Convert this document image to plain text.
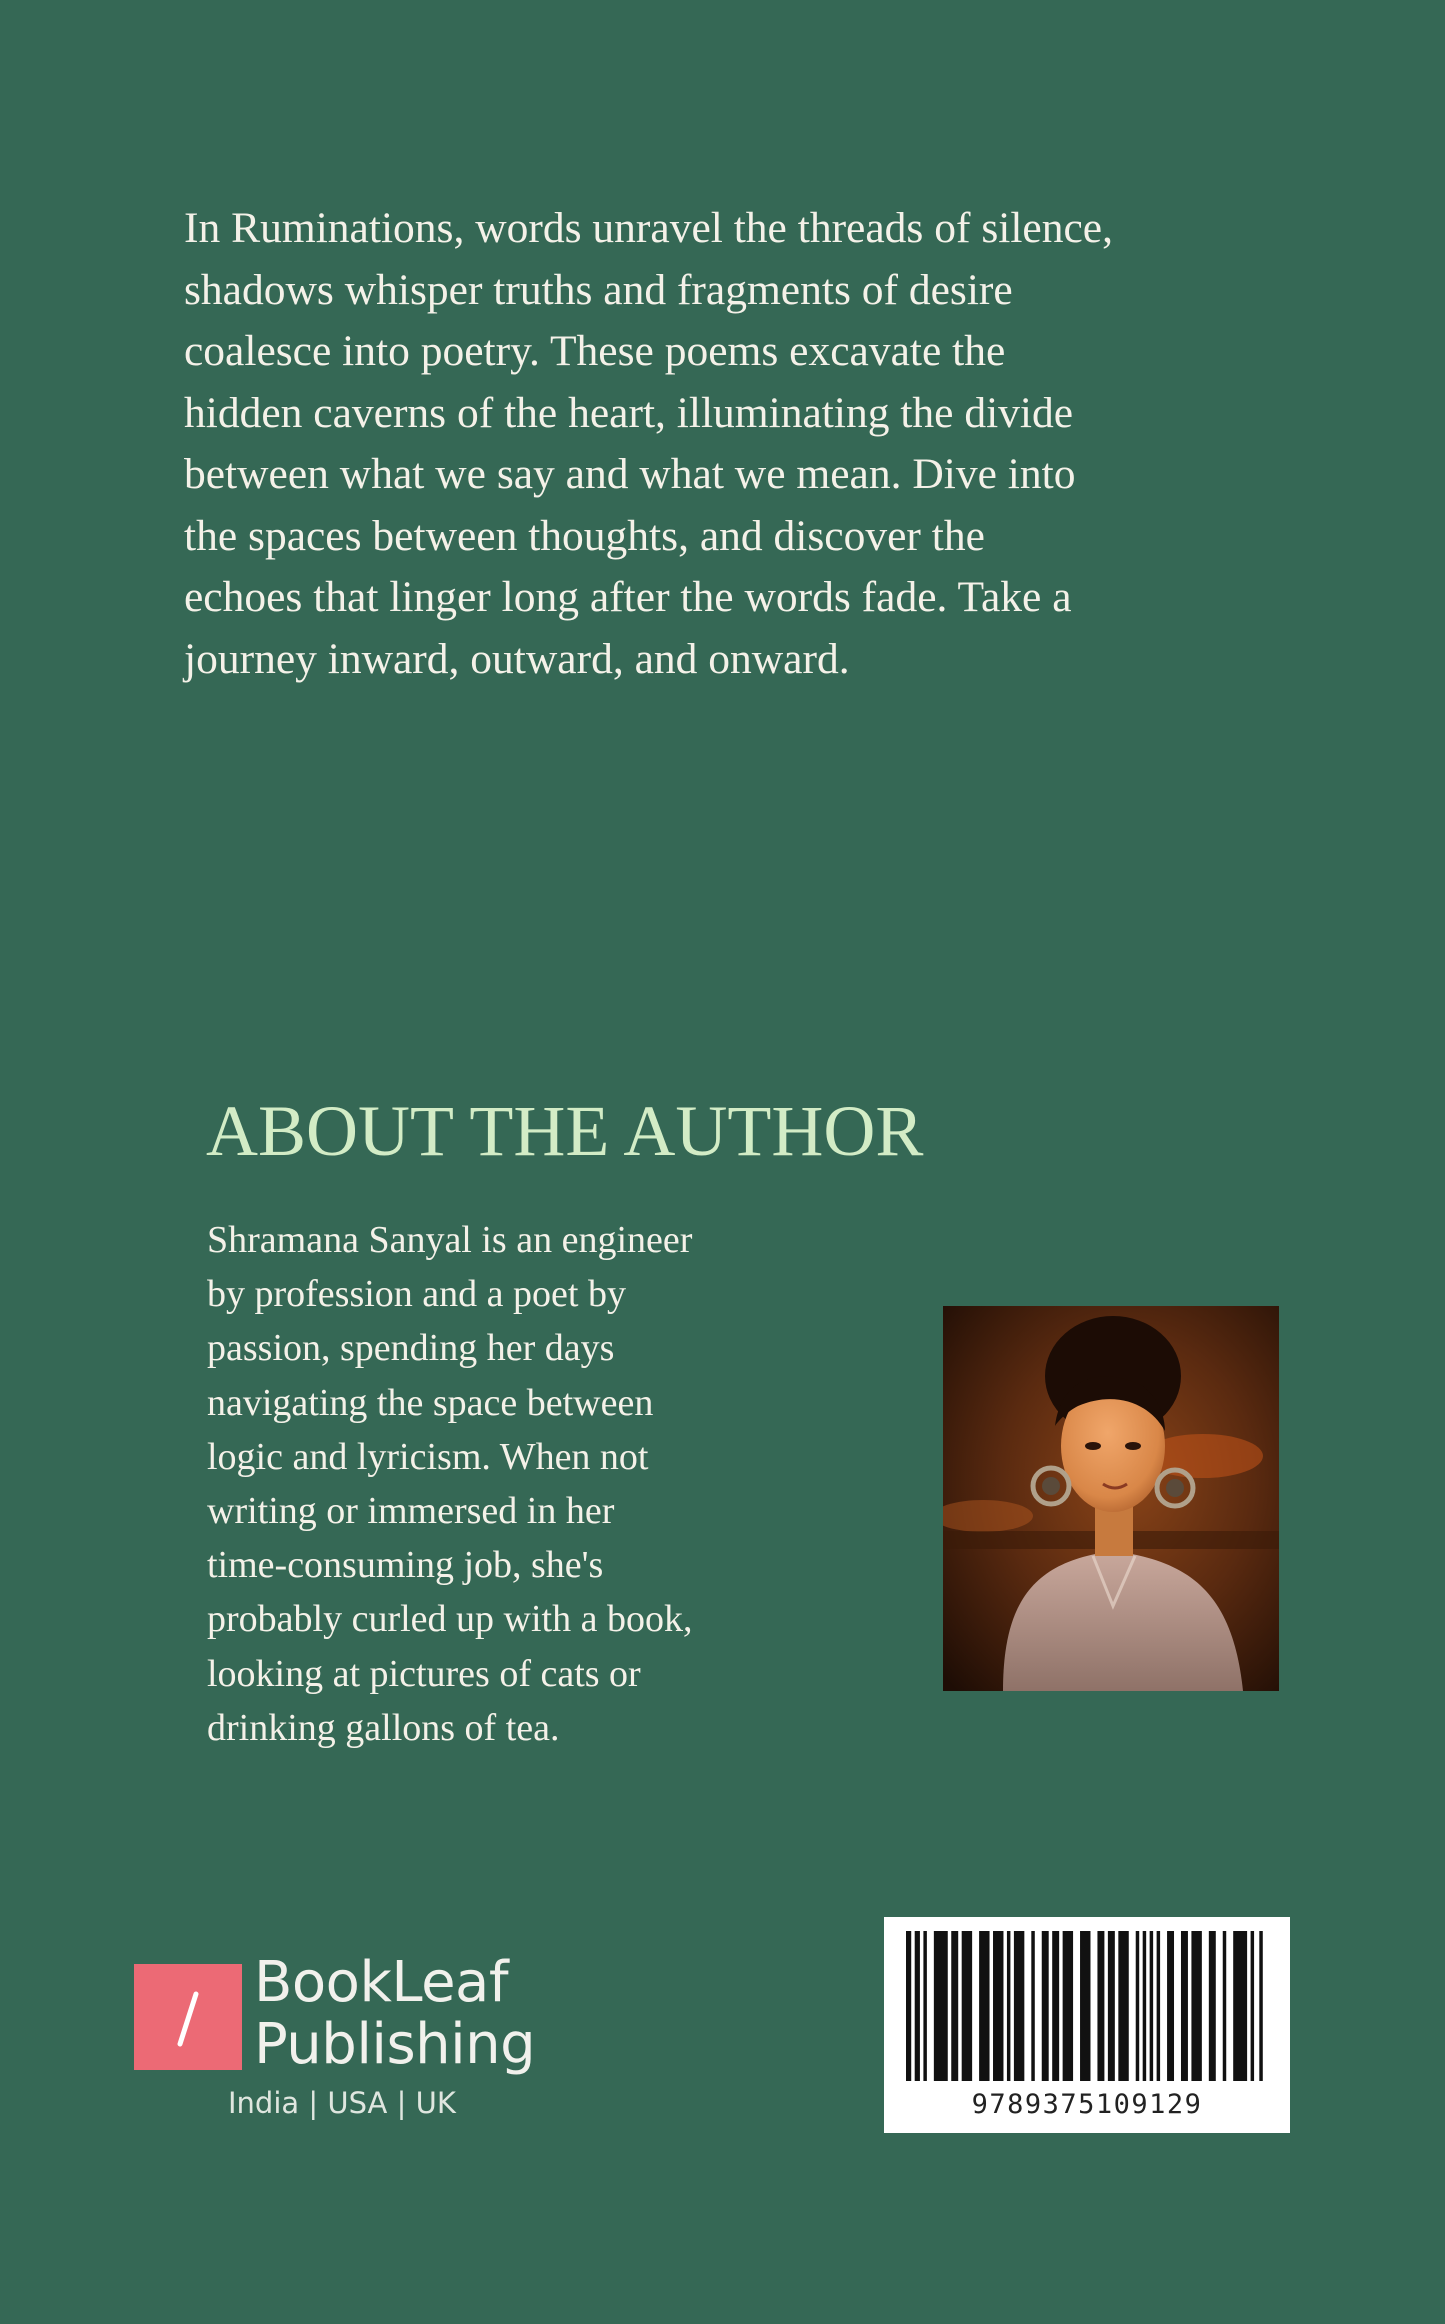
In Ruminations, words unravel the threads of silence,
shadows whisper truths and fragments of desire
coalesce into poetry. These poems excavate the
hidden caverns of the heart, illuminating the divide
between what we say and what we mean. Dive into
the spaces between thoughts, and discover the
echoes that linger long after the words fade. Take a
journey inward, outward, and onward.

ABOUT THE AUTHOR

Shramana Sanyal is an engineer
by profession and a poet by
passion, spending her days
navigating the space between
logic and lyricism. When not
writing or immersed in her
time-consuming job, she's
probably curled up with a book,
looking at pictures of cats or
drinking gallons of tea.

BookLeaf
Publishing
India | USA | UK	9789375109129
